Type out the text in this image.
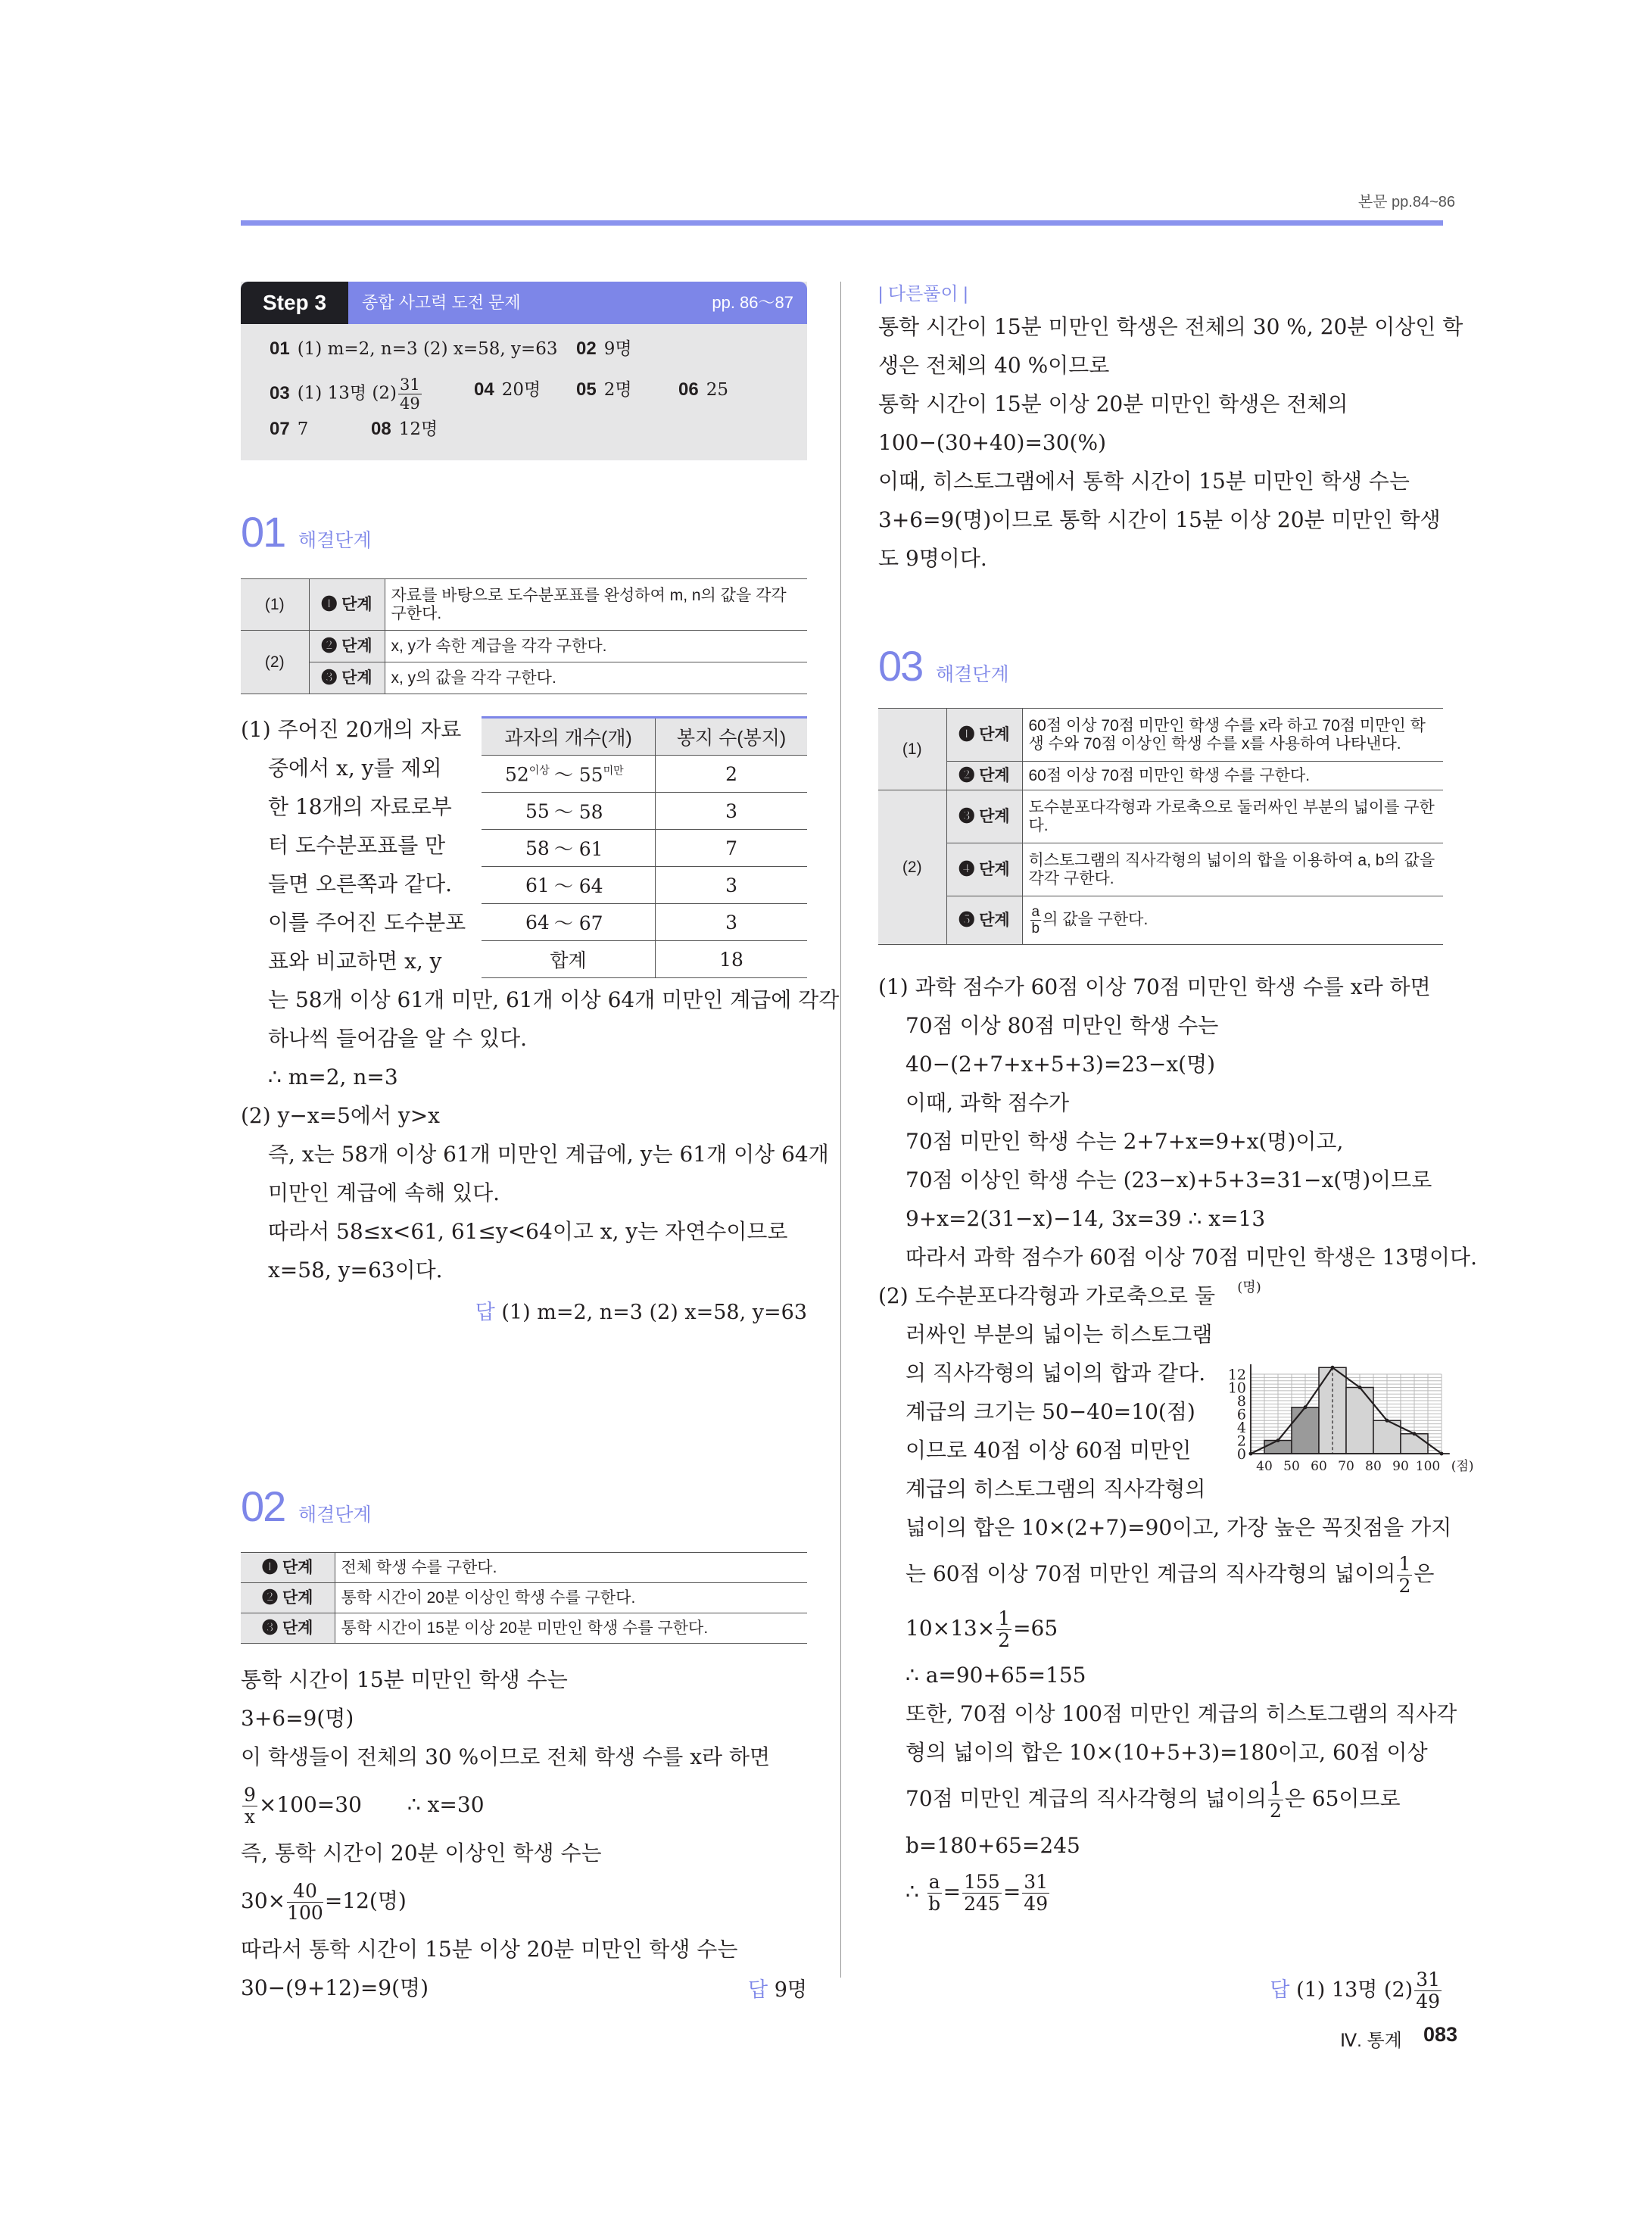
본문 pp.84~86
Step 3	종합 사고력 도전 문제	pp. 86～87
01 (1) m=2, n=3 (2) x=58, y=63 02 9명
03 (1) 13명 $(2) \frac{31}{49}$	04 20명 05 2명	06 25
07 7	08 12명
01 해결단계
(1)	❶ 단계	자료를 바탕으로 도수분포표를 완성하여 m, n의 값을 각각 구한다.
(2)	❷ 단계	x, y가 속한 계급을 각각 구한다.
	❸ 단계	x, y의 값을 각각 구한다.
(1) 주어진 20개의 자료
중에서 x, y를 제외
한 18개의 자료로부
터 도수분포표를 만
들면 오른쪽과 같다.
이를 주어진 도수분포
표와 비교하면 x, y
과자의 개수(개)		봉지 수(봉지)
$52^{이상}$	～ $55^{미만}$	2
55	～ 58	3
58	～ 61	7
61	～ 64	3
64	～ 67	3
합계		18
는 58개 이상 61개 미만, 61개 이상 64개 미만인 계급에 각각
하나씩 들어감을 알 수 있다.
∴ m=2, n=3
(2) y−x=5에서 y>x
즉, x는 58개 이상 61개 미만인 계급에, y는 61개 이상 64개
미만인 계급에 속해 있다.
따라서 58≤x<61, 61≤y<64이고 x, y는 자연수이므로
x=58, y=63이다.
답 (1) m=2, n=3 (2) x=58, y=63
02 해결단계
❶ 단계	전체 학생 수를 구한다.
❷ 단계	통학 시간이 20분 이상인 학생 수를 구한다.
❸ 단계	통학 시간이 15분 이상 20분 미만인 학생 수를 구한다.
통학 시간이 15분 미만인 학생 수는
3+6=9(명)
이 학생들이 전체의 30 %이므로 전체 학생 수를 x라 하면
$\frac{9}{x} \times 100=30$ ∴ x=30
즉, 통학 시간이 20분 이상인 학생 수는
$30\times \frac{40}{100} =12$(명)
따라서 통학 시간이 15분 이상 20분 미만인 학생 수는
30−(9+12)=9(명)	답 9명
| 다른풀이 |
통학 시간이 15분 미만인 학생은 전체의 30 %, 20분 이상인 학
생은 전체의 40 %이므로
통학 시간이 15분 이상 20분 미만인 학생은 전체의
100−(30+40)=30(%)
이때, 히스토그램에서 통학 시간이 15분 미만인 학생 수는
3+6=9(명)이므로 통학 시간이 15분 이상 20분 미만인 학생
도 9명이다.
03 해결단계
(1)	❶ 단계	60점 이상 70점 미만인 학생 수를 x라 하고 70점 미만인 학생 수와 70점 이상인 학생 수를 x를 사용하여 나타낸다.
	❷ 단계	60점 이상 70점 미만인 학생 수를 구한다.
(2)	❸ 단계	도수분포다각형과 가로축으로 둘러싸인 부분의 넓이를 구한다.
	❹ 단계	히스토그램의 직사각형의 넓이의 합을 이용하여 a, b의 값을 각각 구한다.
	❺ 단계	$\frac{a}{b}$ 의 값을 구한다.
(1) 과학 점수가 60점 이상 70점 미만인 학생 수를 x라 하면
70점 이상 80점 미만인 학생 수는
40−(2+7+x+5+3)=23−x(명)
이때, 과학 점수가
70점 미만인 학생 수는 2+7+x=9+x(명)이고,
70점 이상인 학생 수는 (23−x)+5+3=31−x(명)이므로
9+x=2(31−x)−14, 3x=39 ∴ x=13
따라서 과학 점수가 60점 이상 70점 미만인 학생은 13명이다.
(2) 도수분포다각형과 가로축으로 둘
러싸인 부분의 넓이는 히스토그램
의 직사각형의 넓이의 합과 같다.
계급의 크기는 50−40=10(점)
이므로 40점 이상 60점 미만인
계급의 히스토그램의 직사각형의
넓이의 합은 10×(2+7)=90이고, 가장 높은 꼭짓점을 가지
는 60점 이상 70점 미만인 계급의 직사각형의 넓이의 $\frac{1}{2}$ 은
$10\times 13\times \frac{1}{2} =65$
∴ a=90+65=155
또한, 70점 이상 100점 미만인 계급의 히스토그램의 직사각
형의 넓이의 합은 10×(10+5+3)=180이고, 60점 이상
70점 미만인 계급의 직사각형의 넓이의 $\frac{1}{2}$ 은 65이므로
b=180+65=245
∴ $\frac{a}{b} = \frac{155}{245} = \frac{31}{49}$
답 (1) 13명 $(2) \frac{31}{49}$
0
2
4
6
8
10
12
40 50 60 70 80 90 100
(명)
(점)
Ⅳ. 통계 083
